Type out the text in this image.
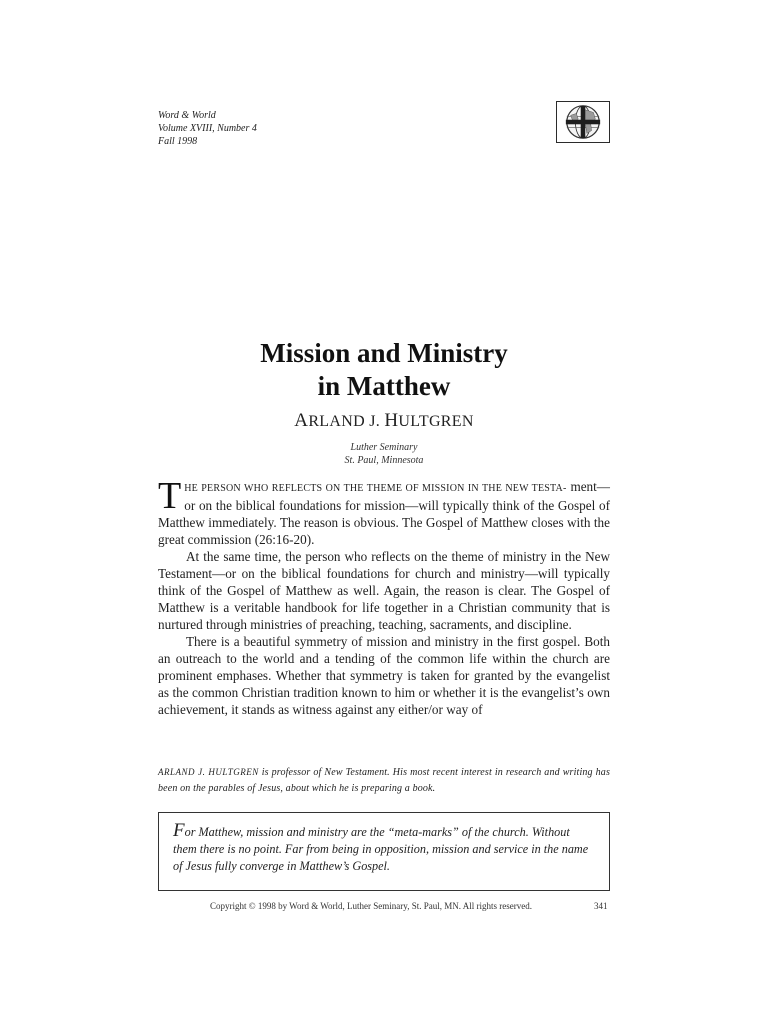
Word & World
Volume XVIII, Number 4
Fall 1998
Mission and Ministry
in Matthew
ARLAND J. HULTGREN
Luther Seminary
St. Paul, Minnesota

THE PERSON WHO REFLECTS ON THE THEME OF MISSION IN THE NEW TESTA- ment—or on the biblical foundations for mission—will typically think of the Gospel of Matthew immediately. The reason is obvious. The Gospel of Matthew closes with the great commission (26:16-20).

At the same time, the person who reflects on the theme of ministry in the New Testament—or on the biblical foundations for church and ministry—will typically think of the Gospel of Matthew as well. Again, the reason is clear. The Gospel of Matthew is a veritable handbook for life together in a Christian community that is nurtured through ministries of preaching, teaching, sacraments, and discipline.

There is a beautiful symmetry of mission and ministry in the first gospel. Both an outreach to the world and a tending of the common life within the church are prominent emphases. Whether that symmetry is taken for granted by the evangelist as the common Christian tradition known to him or whether it is the evangelist’s own achievement, it stands as witness against any either/or way of

ARLAND J. HULTGREN is professor of New Testament. His most recent interest in research and writing has been on the parables of Jesus, about which he is preparing a book.
For Matthew, mission and ministry are the “meta-marks” of the church. Without them there is no point. Far from being in opposition, mission and service in the name of Jesus fully converge in Matthew’s Gospel.
Copyright © 1998 by Word & World, Luther Seminary, St. Paul, MN. All rights reserved.	341
